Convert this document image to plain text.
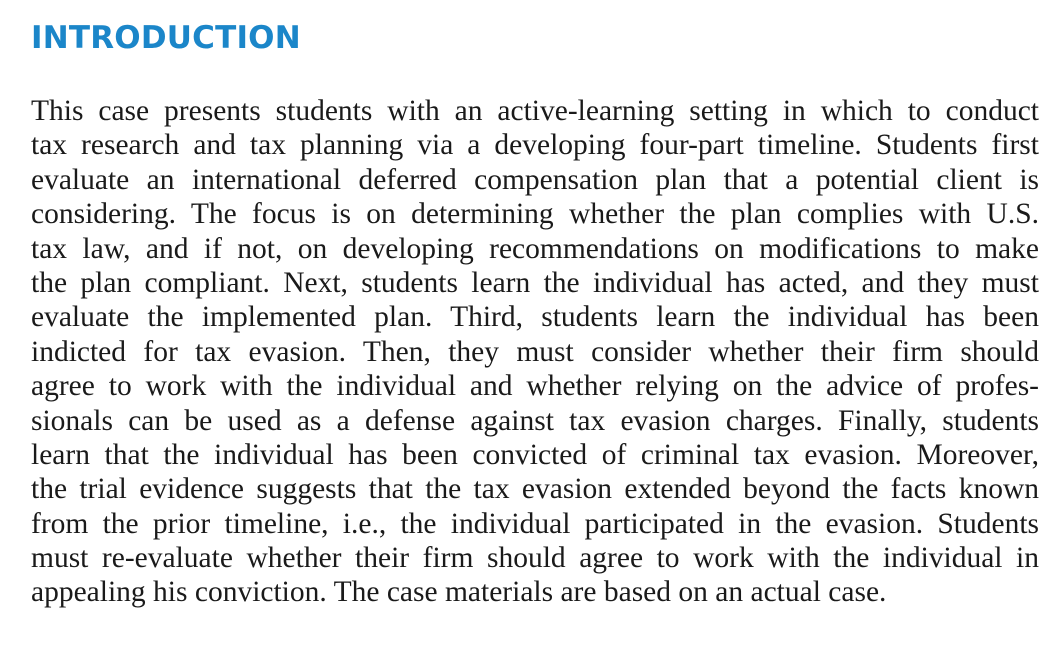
INTRODUCTION
This case presents students with an active-learning setting in which to conduct
tax research and tax planning via a developing four-part timeline. Students first
evaluate an international deferred compensation plan that a potential client is
considering. The focus is on determining whether the plan complies with U.S.
tax law, and if not, on developing recommendations on modifications to make
the plan compliant. Next, students learn the individual has acted, and they must
evaluate the implemented plan. Third, students learn the individual has been
indicted for tax evasion. Then, they must consider whether their firm should
agree to work with the individual and whether relying on the advice of profes-
sionals can be used as a defense against tax evasion charges. Finally, students
learn that the individual has been convicted of criminal tax evasion. Moreover,
the trial evidence suggests that the tax evasion extended beyond the facts known
from the prior timeline, i.e., the individual participated in the evasion. Students
must re-evaluate whether their firm should agree to work with the individual in
appealing his conviction. The case materials are based on an actual case.
